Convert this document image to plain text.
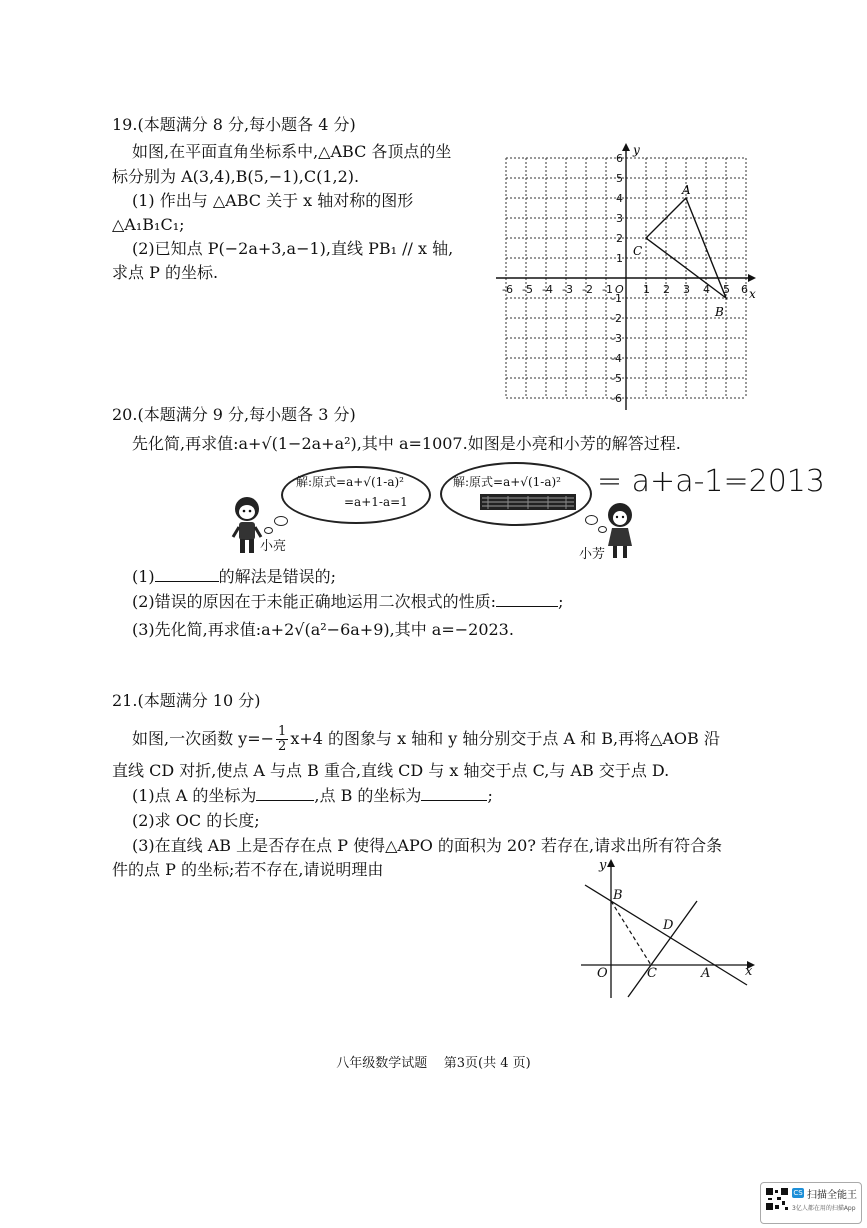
19.(本题满分 8 分,每小题各 4 分)
如图,在平面直角坐标系中,△ABC 各顶点的坐
标分别为 A(3,4),B(5,−1),C(1,2).
(1) 作出与 △ABC 关于 x 轴对称的图形
△A₁B₁C₁;
(2)已知点 P(−2a+3,a−1),直线 PB₁ // x 轴,
求点 P 的坐标.
x
y
-6 -5 -4 -3 -2 -1 O 1 2 3 4 5 6
6
5
4
3
2
1
-1
-2
-3
-4
-5
-6
A
B
C
20.(本题满分 9 分,每小题各 3 分)
先化简,再求值:a+√(1−2a+a²),其中 a=1007.如图是小亮和小芳的解答过程.
解:原式=a+√(1-a)²
=a+1-a=1
解:原式=a+√(1-a)² = a+a-1=2013
小亮
小芳
(1)	的解法是错误的;
(2)错误的原因在于未能正确地运用二次根式的性质:	;
(3)先化简,再求值:a+2√(a²−6a+9),其中 a=−2023.
21.(本题满分 10 分)
如图,一次函数 $y=- \frac{1}{2} x+4$ 的图象与 x 轴和 y 轴分别交于点 A 和 B,再将△AOB 沿
直线 CD 对折,使点 A 与点 B 重合,直线 CD 与 x 轴交于点 C,与 AB 交于点 D.
(1)点 A 的坐标为	,点 B 的坐标为	;
(2)求 OC 的长度;
(3)在直线 AB 上是否存在点 P 使得△APO 的面积为 20? 若存在,请求出所有符合条
件的点 P 的坐标;若不存在,请说明理由	y
x
O
B
D
C	A
八年级数学试题    第3页(共 4 页)
CS 扫描全能王
3亿人都在用的扫描App
